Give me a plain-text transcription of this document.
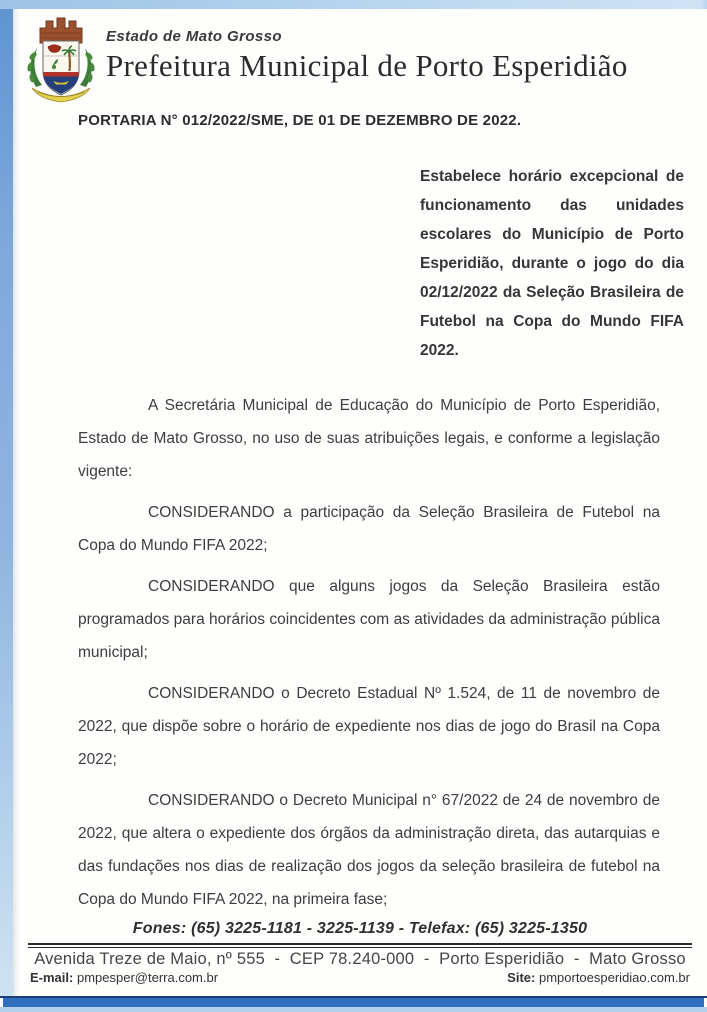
Estado de Mato Grosso
Prefeitura Municipal de Porto Esperidião
PORTARIA N° 012/2022/SME, DE 01 DE DEZEMBRO DE 2022.
Estabelece horário excepcional de funcionamento das unidades escolares do Município de Porto Esperidião, durante o jogo do dia 02/12/2022 da Seleção Brasileira de Futebol na Copa do Mundo FIFA 2022.

A Secretária Municipal de Educação do Município de Porto Esperidião, Estado de Mato Grosso, no uso de suas atribuições legais, e conforme a legislação vigente:

CONSIDERANDO a participação da Seleção Brasileira de Futebol na Copa do Mundo FIFA 2022;

CONSIDERANDO que alguns jogos da Seleção Brasileira estão programados para horários coincidentes com as atividades da administração pública municipal;

CONSIDERANDO o Decreto Estadual Nº 1.524, de 11 de novembro de 2022, que dispõe sobre o horário de expediente nos dias de jogo do Brasil na Copa 2022;

CONSIDERANDO o Decreto Municipal n° 67/2022 de 24 de novembro de 2022, que altera o expediente dos órgãos da administração direta, das autarquias e das fundações nos dias de realização dos jogos da seleção brasileira de futebol na Copa do Mundo FIFA 2022, na primeira fase;

Fones: (65) 3225-1181 - 3225-1139 - Telefax: (65) 3225-1350
Avenida Treze de Maio, nº 555  -  CEP 78.240-000  -  Porto Esperidião  -  Mato Grosso
E-mail: pmpesper@terra.com.br	Site: pmportoesperidiao.com.br
